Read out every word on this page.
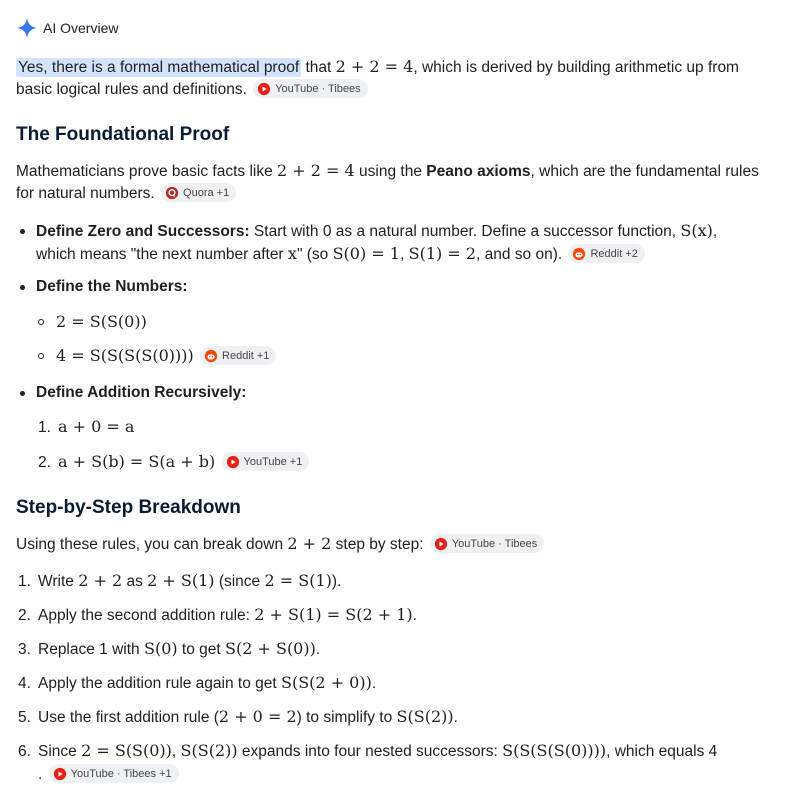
AI Overview

Yes, there is a formal mathematical proof that 2 + 2 = 4, which is derived by building arithmetic up from basic logical rules and definitions.	YouTube · Tibees

The Foundational Proof

Mathematicians prove basic facts like 2 + 2 = 4 using the Peano axioms, which are the fundamental rules for natural numbers.	Quora +1

Define Zero and Successors: Start with 0 as a natural number. Define a successor function, S(x), which means "the next number after x" (so S(0) = 1, S(1) = 2, and so on).	Reddit +2

Define the Numbers:

2 = S(S(0))

4 = S(S(S(S(0))))	Reddit +1

Define Addition Recursively:

1. a + 0 = a

2. a + S(b) = S(a + b)	YouTube +1

Step-by-Step Breakdown

Using these rules, you can break down 2 + 2 step by step:	YouTube · Tibees

1. Write 2 + 2 as 2 + S(1) (since 2 = S(1)).

2. Apply the second addition rule: 2 + S(1) = S(2 + 1).

3. Replace 1 with S(0) to get S(2 + S(0)).

4. Apply the addition rule again to get S(S(2 + 0)).

5. Use the first addition rule (2 + 0 = 2) to simplify to S(S(2)).

6. Since 2 = S(S(0)), S(S(2)) expands into four nested successors: S(S(S(S(0)))), which equals 4

.	YouTube · Tibees +1
